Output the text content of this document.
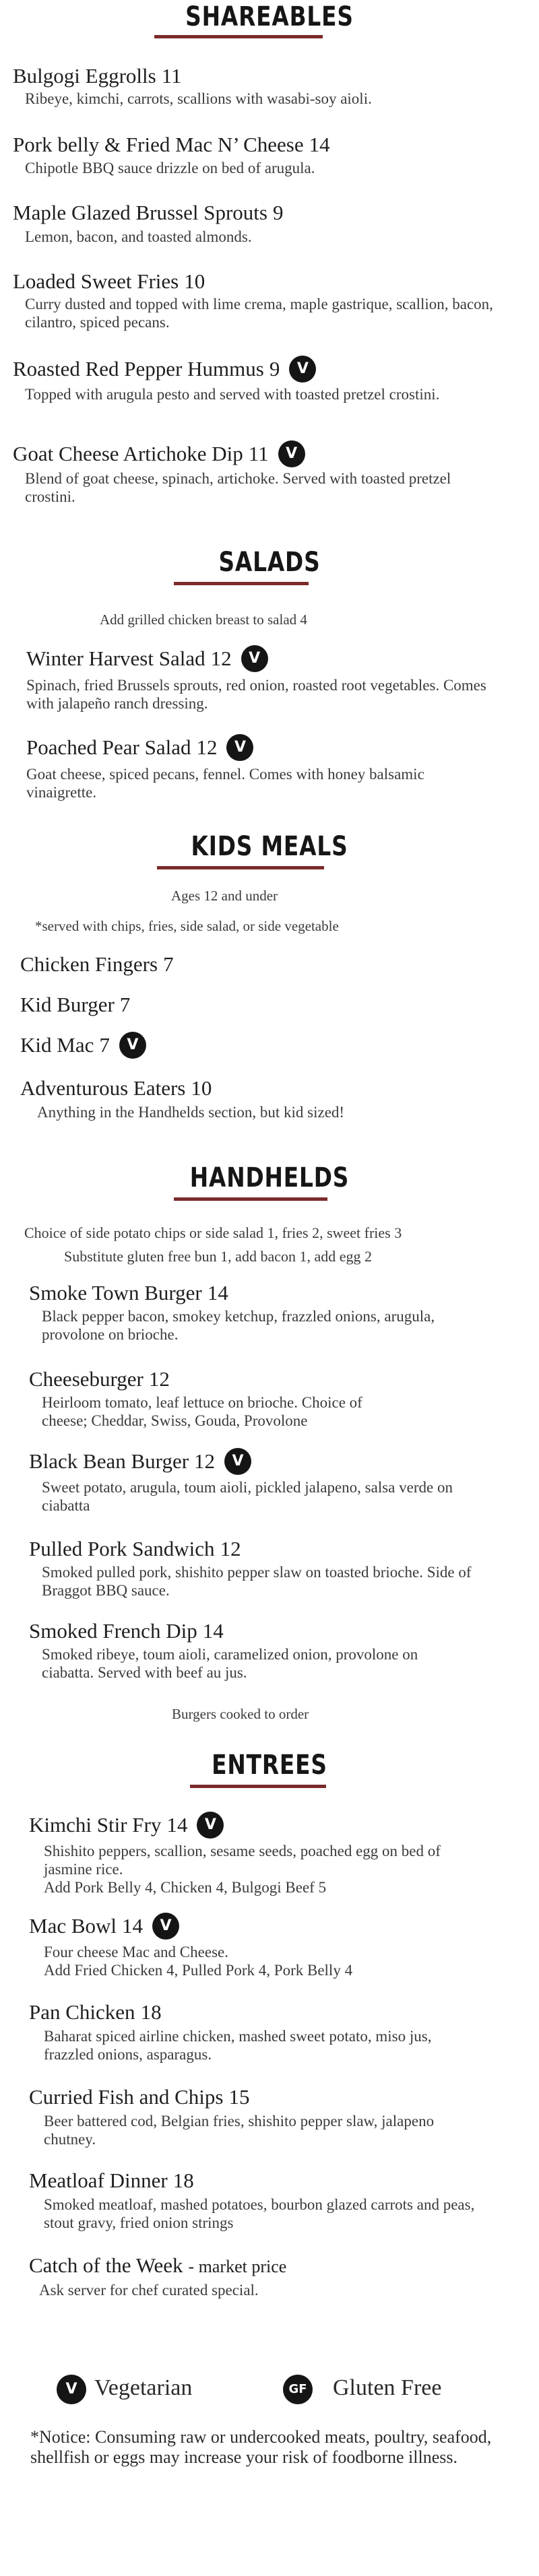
SHAREABLES
Bulgogi Eggrolls 11
Ribeye, kimchi, carrots, scallions with wasabi-soy aioli.
Pork belly & Fried Mac N’ Cheese 14
Chipotle BBQ sauce drizzle on bed of arugula.
Maple Glazed Brussel Sprouts 9
Lemon, bacon, and toasted almonds.
Loaded Sweet Fries 10
Curry dusted and topped with lime crema, maple gastrique, scallion, bacon, cilantro, spiced pecans.
Roasted Red Pepper Hummus 9 V
Topped with arugula pesto and served with toasted pretzel crostini.
Goat Cheese Artichoke Dip 11 V
Blend of goat cheese, spinach, artichoke. Served with toasted pretzel crostini.
SALADS
Add grilled chicken breast to salad 4
Winter Harvest Salad 12 V
Spinach, fried Brussels sprouts, red onion, roasted root vegetables. Comes with jalapeño ranch dressing.
Poached Pear Salad 12 V
Goat cheese, spiced pecans, fennel. Comes with honey balsamic vinaigrette.
KIDS MEALS
Ages 12 and under
*served with chips, fries, side salad, or side vegetable
Chicken Fingers 7
Kid Burger 7
Kid Mac 7 V
Adventurous Eaters 10
Anything in the Handhelds section, but kid sized!
HANDHELDS
Choice of side potato chips or side salad 1, fries 2, sweet fries 3
Substitute gluten free bun 1, add bacon 1, add egg 2
Smoke Town Burger 14
Black pepper bacon, smokey ketchup, frazzled onions, arugula, provolone on brioche.
Cheeseburger 12
Heirloom tomato, leaf lettuce on brioche. Choice of cheese; Cheddar, Swiss, Gouda, Provolone
Black Bean Burger 12 V
Sweet potato, arugula, toum aioli, pickled jalapeno, salsa verde on ciabatta
Pulled Pork Sandwich 12
Smoked pulled pork, shishito pepper slaw on toasted brioche. Side of Braggot BBQ sauce.
Smoked French Dip 14
Smoked ribeye, toum aioli, caramelized onion, provolone on ciabatta. Served with beef au jus.
Burgers cooked to order
ENTREES
Kimchi Stir Fry 14 V
Shishito peppers, scallion, sesame seeds, poached egg on bed of jasmine rice.
Add Pork Belly 4, Chicken 4, Bulgogi Beef 5
Mac Bowl 14 V
Four cheese Mac and Cheese.
Add Fried Chicken 4, Pulled Pork 4, Pork Belly 4
Pan Chicken 18
Baharat spiced airline chicken, mashed sweet potato, miso jus, frazzled onions, asparagus.
Curried Fish and Chips 15
Beer battered cod, Belgian fries, shishito pepper slaw, jalapeno chutney.
Meatloaf Dinner 18
Smoked meatloaf, mashed potatoes, bourbon glazed carrots and peas, stout gravy, fried onion strings
Catch of the Week - market price
Ask server for chef curated special.
V Vegetarian	GF Gluten Free
*Notice: Consuming raw or undercooked meats, poultry, seafood, shellfish or eggs may increase your risk of foodborne illness.
